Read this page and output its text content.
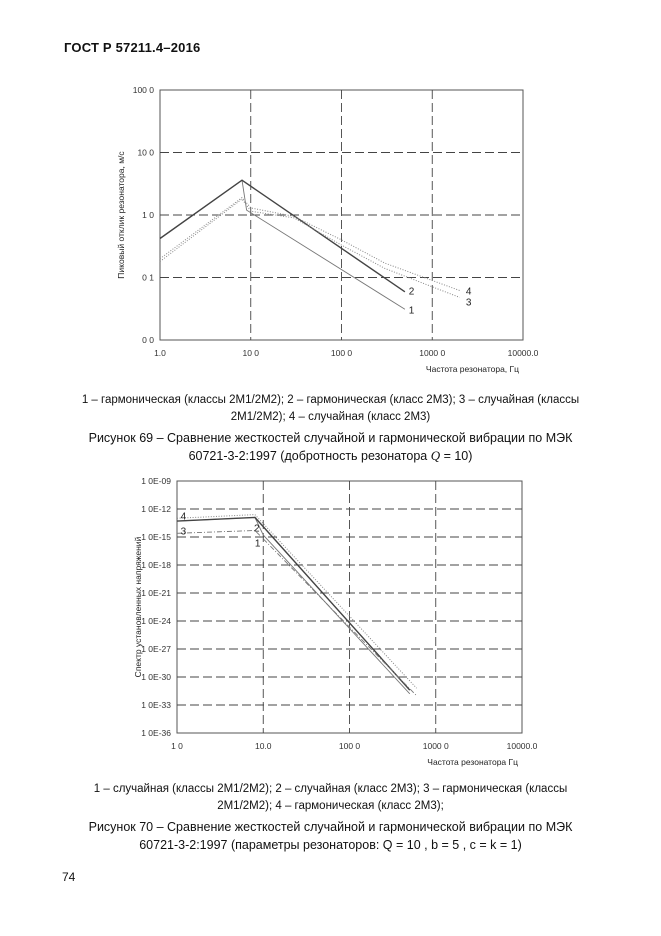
ГОСТ Р 57211.4–2016
1.0	10 0	100 0	1000 0	10000.0
0 0
0 1
1 0
10 0
100 0
2
1
4
3
Частота резонатора, Гц
Пиковый отклик резонатора, м/с
1 – гармоническая (классы 2М1/2М2); 2 – гармоническая (класс 2М3); 3 – случайная (классы
2М1/2М2); 4 – случайная (класс 2М3)
Рисунок 69 – Сравнение жесткостей случайной и гармонической вибрации по МЭК
60721-3-2:1997 (добротность резонатора Q = 10)
1 0	10.0	100 0	1000 0	10000.0
1 0E-09
1 0E-12
1 0E-15
1 0E-18
1 0E-21
1 0E-24
1 0E-27
1 0E-30
1 0E-33
1 0E-36
4
3	2
1
Частота резонатора Гц
Спектр установленных напряжений
1 – случайная (классы 2М1/2М2); 2 – случайная (класс 2М3); 3 – гармоническая (классы
2М1/2М2); 4 – гармоническая (класс 2М3);
Рисунок 70 – Сравнение жесткостей случайной и гармонической вибрации по МЭК
60721-3-2:1997 (параметры резонаторов: Q = 10 , b = 5 , c = k = 1)
74
